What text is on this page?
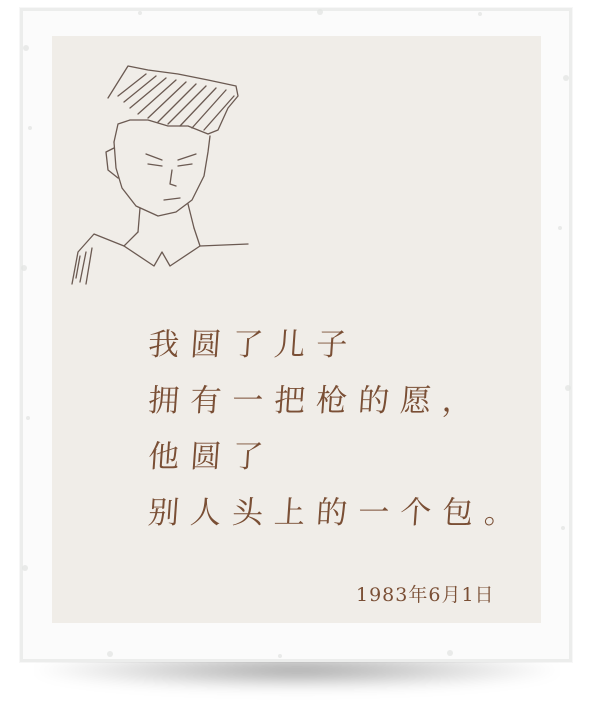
我圆了儿子
拥有一把枪的愿，
他圆了
别人头上的一个包。
1983年6月1日
